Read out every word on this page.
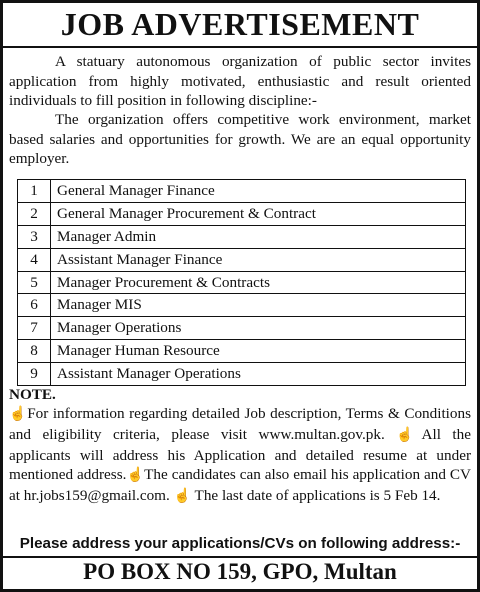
JOB ADVERTISEMENT

A statuary autonomous organization of public sector invites application from highly motivated, enthusiastic and result oriented individuals to fill position in following discipline:-

The organization offers competitive work environment, market based salaries and opportunities for growth. We are an equal opportunity employer.

1	General Manager Finance
2	General Manager Procurement & Contract
3	Manager Admin
4	Assistant Manager Finance
5	Manager Procurement & Contracts
6	Manager MIS
7	Manager Operations
8	Manager Human Resource
9	Assistant Manager Operations
NOTE.

☝For information regarding detailed Job description, Terms & Conditions and eligibility criteria, please visit www.multan.gov.pk. ☝All the applicants will address his Application and detailed resume at under mentioned address.☝The candidates can also email his application and CV at hr.jobs159@gmail.com. ☝ The last date of applications is 5 Feb 14.

Please address your applications/CVs on following address:-
PO BOX NO 159, GPO, Multan
